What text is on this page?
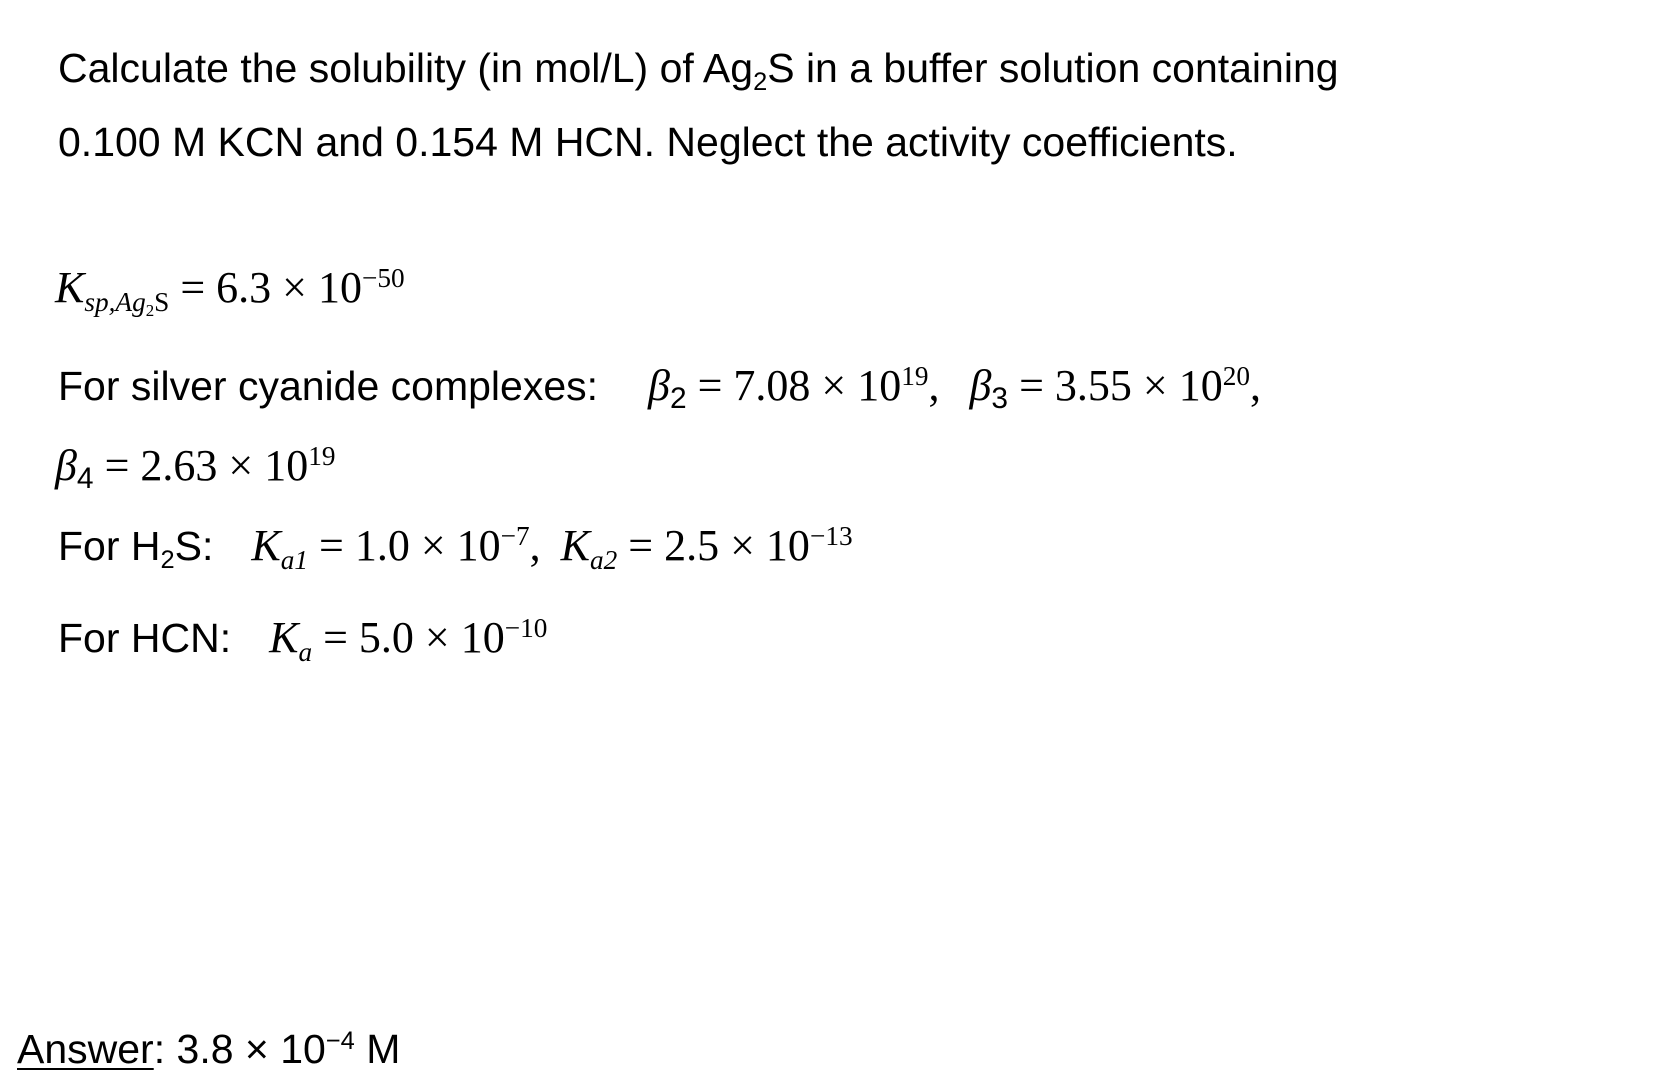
Calculate the solubility (in mol/L) of $Ag_2S$ in a buffer solution containing
0.100 M KCN and 0.154 M HCN. Neglect the activity coefficients.
$K_{sp,Ag_2S} = 6.3 \times 10^{-50}$
For silver cyanide complexes: $\beta_2 = 7.08 \times 10^{19}$, $\beta_3 = 3.55 \times 10^{20}$,
$\beta_4 = 2.63 \times 10^{19}$
For $H_2S$: $K_{a1} = 1.0 \times 10^{-7}$, $K_{a2} = 2.5 \times 10^{-13}$
For HCN: $K_a = 5.0 \times 10^{-10}$
Answer: $3.8 \times 10^{-4}$ M
